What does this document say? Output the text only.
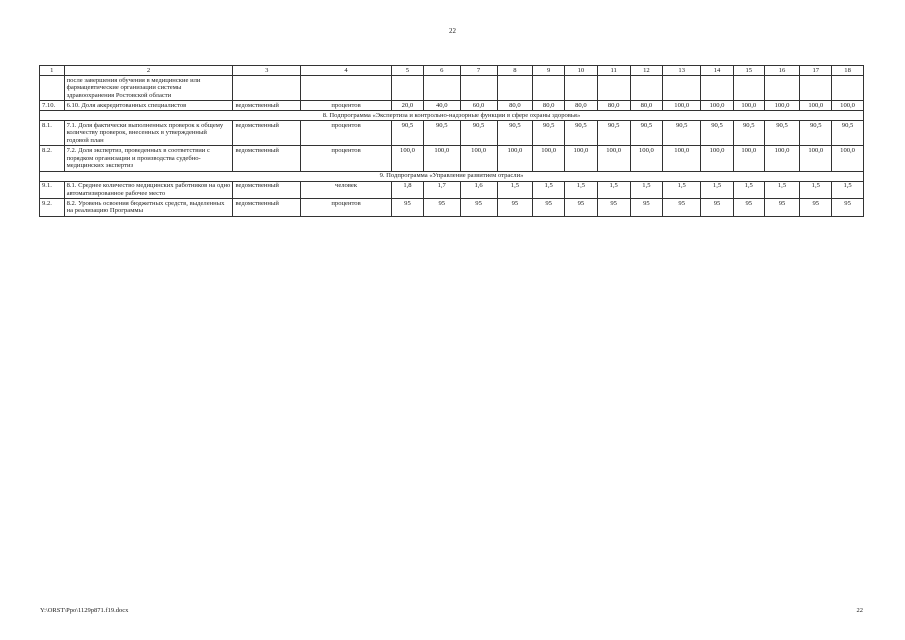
22
1	2	3	4	5	6	7	8	9	10	11	12	13	14	15	16	17	18
	после завершения обучения в медицинские или фармацевтические организации системы здравоохранения Ростовской области																
7.10.	6.10. Доля аккредитованных специалистов	ведомственный	процентов	20,0	40,0	60,0	80,0	80,0	80,0	80,0	80,0	100,0	100,0	100,0	100,0	100,0	100,0
8. Подпрограмма «Экспертиза и контрольно-надзорные функции в сфере охраны здоровья»																	
8.1.	7.1. Доля фактически выполненных проверок к общему количеству проверок, внесенных в утвержденный годовой план	ведомственный	процентов	90,5	90,5	90,5	90,5	90,5	90,5	90,5	90,5	90,5	90,5	90,5	90,5	90,5	90,5
8.2.	7.2. Доля экспертиз, проведенных в соответствии с порядком организации и производства судебно-медицинских экспертиз	ведомственный	процентов	100,0	100,0	100,0	100,0	100,0	100,0	100,0	100,0	100,0	100,0	100,0	100,0	100,0	100,0
9. Подпрограмма «Управление развитием отрасли»																	
9.1.	8.1. Среднее количество медицинских работников на одно автоматизированное рабочее место	ведомственный	человек	1,8	1,7	1,6	1,5	1,5	1,5	1,5	1,5	1,5	1,5	1,5	1,5	1,5	1,5
9.2.	8.2. Уровень освоения бюджетных средств, выделенных на реализацию Программы	ведомственный	процентов	95	95	95	95	95	95	95	95	95	95	95	95	95	95
Y:\ORST\Ppo\1129p871.f19.docx	22
